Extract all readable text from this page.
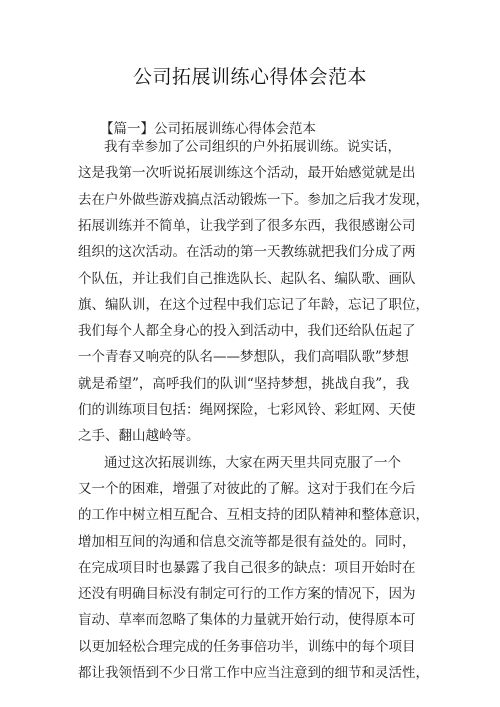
公司拓展训练心得体会范本
【篇一】公司拓展训练心得体会范本
我有幸参加了公司组织的户外拓展训练。说实话，
这是我第一次听说拓展训练这个活动，最开始感觉就是出
去在户外做些游戏搞点活动锻炼一下。参加之后我才发现，
拓展训练并不简单，让我学到了很多东西，我很感谢公司
组织的这次活动。在活动的第一天教练就把我们分成了两
个队伍，并让我们自己推选队长、起队名、编队歌、画队
旗、编队训，在这个过程中我们忘记了年龄，忘记了职位，
我们每个人都全身心的投入到活动中，我们还给队伍起了
一个青春又响亮的队名——梦想队，我们高唱队歌”梦想
就是希望”，高呼我们的队训“坚持梦想，挑战自我”，我
们的训练项目包括：绳网探险，七彩风铃、彩虹网、天使
之手、翻山越岭等。
通过这次拓展训练，大家在两天里共同克服了一个
又一个的困难，增强了对彼此的了解。这对于我们在今后
的工作中树立相互配合、互相支持的团队精神和整体意识，
增加相互间的沟通和信息交流等都是很有益处的。同时，
在完成项目时也暴露了我自己很多的缺点：项目开始时在
还没有明确目标没有制定可行的工作方案的情况下，因为
盲动、草率而忽略了集体的力量就开始行动，使得原本可
以更加轻松合理完成的任务事倍功半，训练中的每个项目
都让我领悟到不少日常工作中应当注意到的细节和灵活性，
